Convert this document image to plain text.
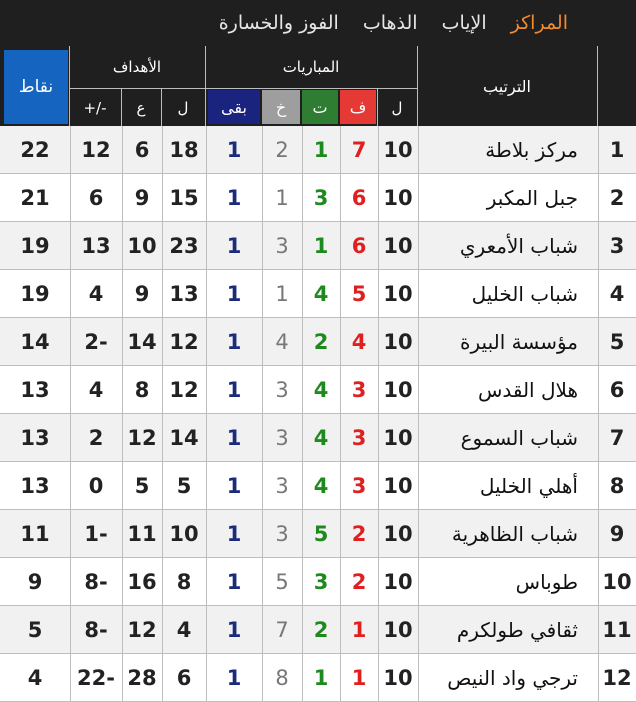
المراكز
الإياب
الذهاب
الفوز والخسارة
الترتيب
المباريات
الأهداف
نقاط
ل
ف
ت
خ
بقى
ل
ع
+/-
1
مركز بلاطة
10
7
1
2
1
18
6
12
22
2
جبل المكبر
10
6
3
1
1
15
9
6
21
3
شباب الأمعري
10
6
1
3
1
23
10
13
19
4
شباب الخليل
10
5
4
1
1
13
9
4
19
5
مؤسسة البيرة
10
4
2
4
1
12
14
2-
14
6
هلال القدس
10
3
4
3
1
12
8
4
13
7
شباب السموع
10
3
4
3
1
14
12
2
13
8
أهلي الخليل
10
3
4
3
1
5
5
0
13
9
شباب الظاهرية
10
2
5
3
1
10
11
1-
11
10
طوباس
10
2
3
5
1
8
16
8-
9
11
ثقافي طولكرم
10
1
2
7
1
4
12
8-
5
12
ترجي واد النيص
10
1
1
8
1
6
28
22-
4
